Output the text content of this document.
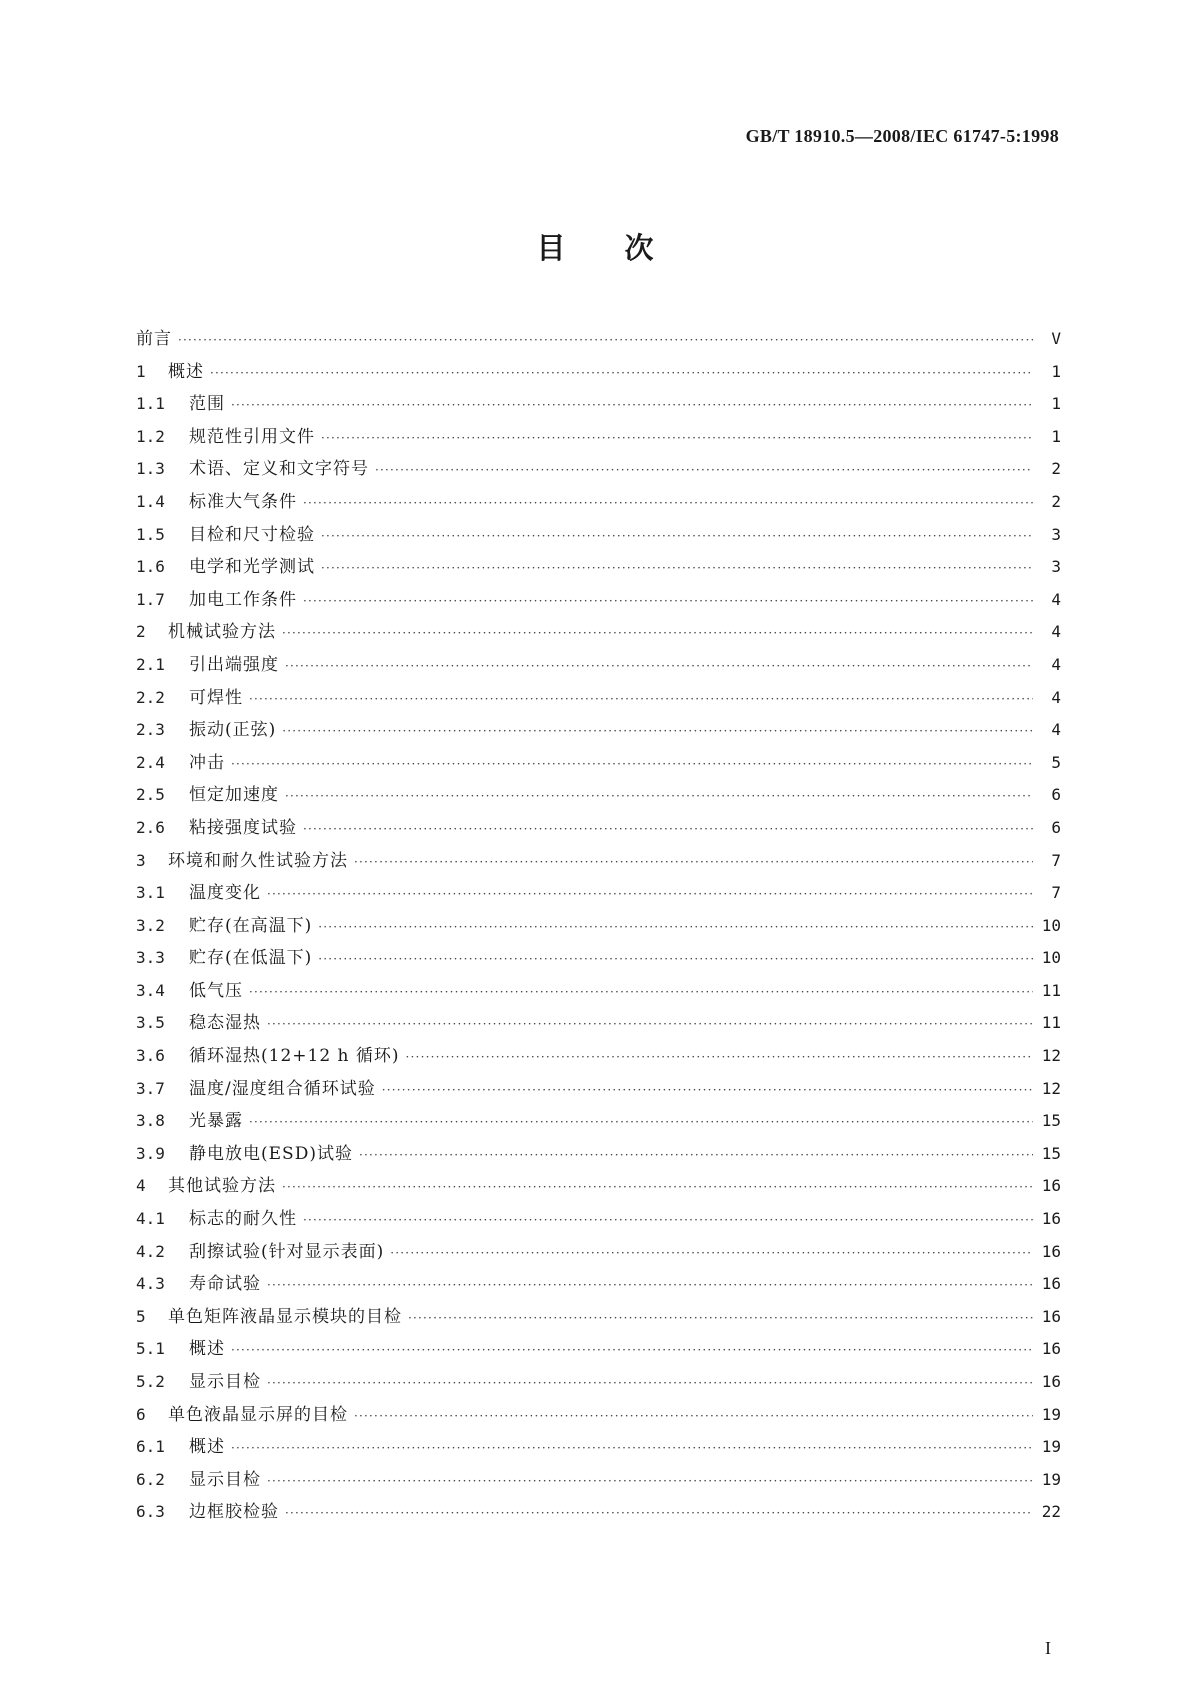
GB/T 18910.5—2008/IEC 61747-5:1998
目 次
前言 ·····	V
1	概述 ·····	1
1.1	范围 ·····	1
1.2	规范性引用文件 ·····	1
1.3	术语、定义和文字符号 ·····	2
1.4	标准大气条件 ·····	2
1.5	目检和尺寸检验 ·····	3
1.6	电学和光学测试 ·····	3
1.7	加电工作条件 ·····	4
2	机械试验方法 ·····	4
2.1	引出端强度 ·····	4
2.2	可焊性 ·····	4
2.3	振动(正弦) ·····	4
2.4	冲击 ·····	5
2.5	恒定加速度 ·····	6
2.6	粘接强度试验 ·····	6
3	环境和耐久性试验方法 ·····	7
3.1	温度变化 ·····	7
3.2	贮存(在高温下) ·····	10
3.3	贮存(在低温下) ·····	10
3.4	低气压 ·····	11
3.5	稳态湿热 ·····	11
3.6	循环湿热(12+12 h 循环) ·····	12
3.7	温度/湿度组合循环试验 ·····	12
3.8	光暴露 ·····	15
3.9	静电放电(ESD)试验 ·····	15
4	其他试验方法 ·····	16
4.1	标志的耐久性 ·····	16
4.2	刮擦试验(针对显示表面) ·····	16
4.3	寿命试验 ·····	16
5	单色矩阵液晶显示模块的目检 ·····	16
5.1	概述 ·····	16
5.2	显示目检 ·····	16
6	单色液晶显示屏的目检 ·····	19
6.1	概述 ·····	19
6.2	显示目检 ·····	19
6.3	边框胶检验 ·····	22
I
